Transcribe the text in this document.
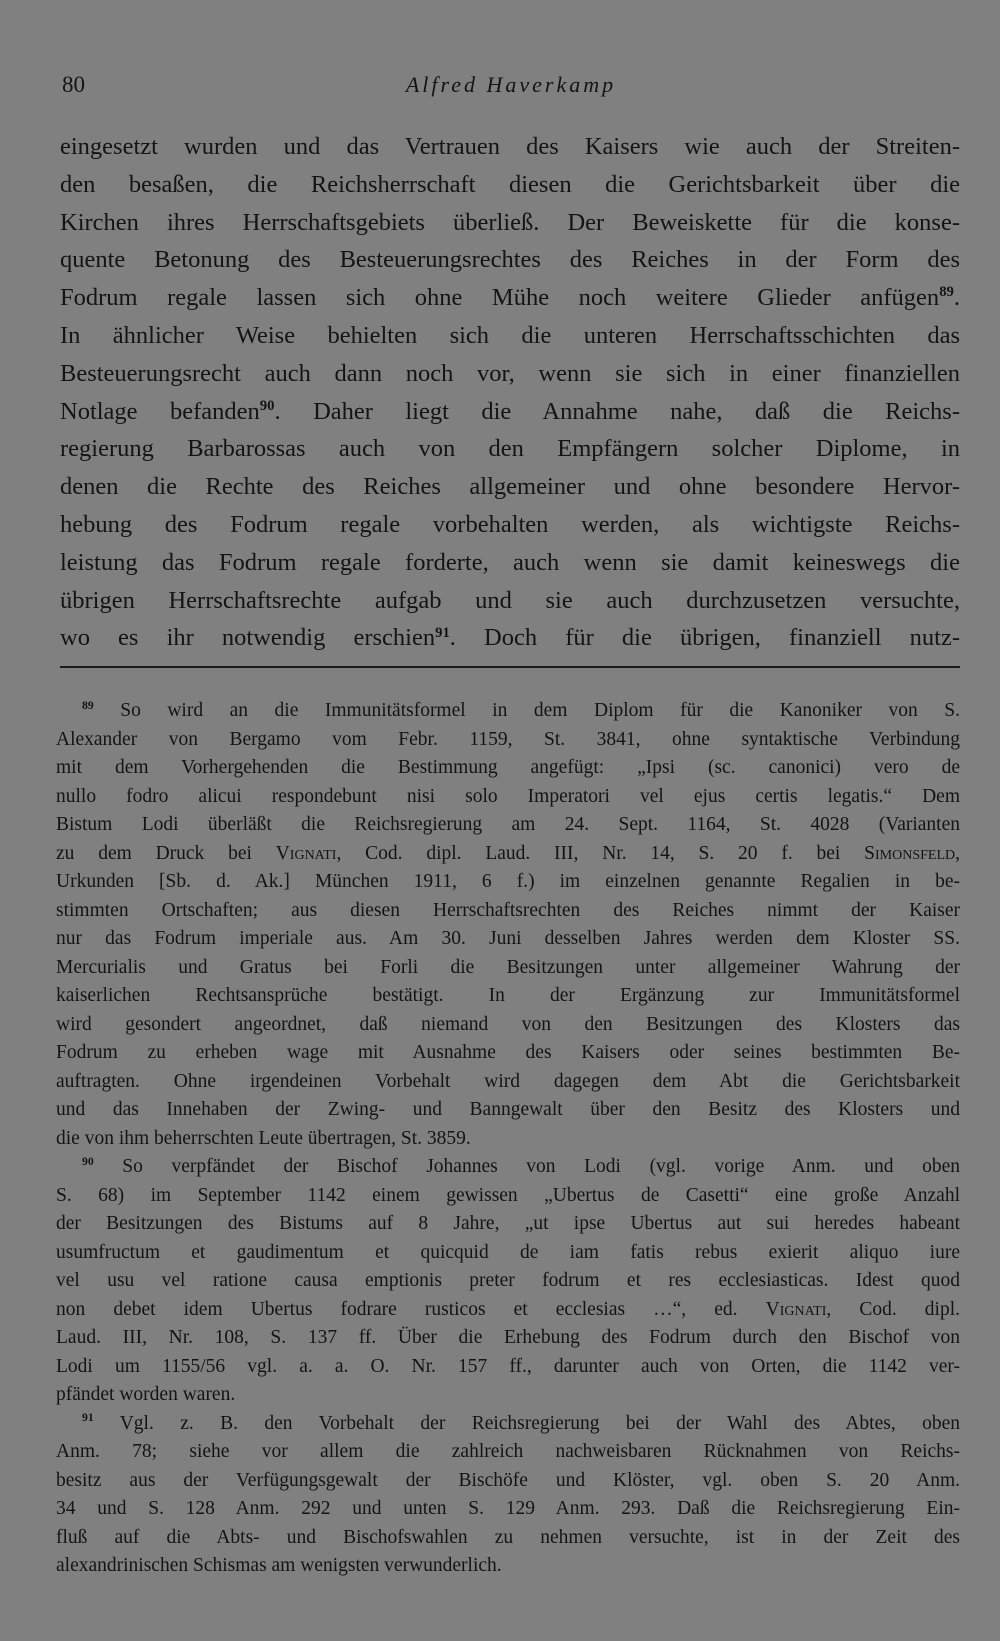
80	Alfred Haverkamp
eingesetzt wurden und das Vertrauen des Kaisers wie auch der Streiten-
den besaßen, die Reichsherrschaft diesen die Gerichtsbarkeit über die
Kirchen ihres Herrschaftsgebiets überließ. Der Beweiskette für die konse-
quente Betonung des Besteuerungsrechtes des Reiches in der Form des
Fodrum regale lassen sich ohne Mühe noch weitere Glieder anfügen$^{89}$.
In ähnlicher Weise behielten sich die unteren Herrschaftsschichten das
Besteuerungsrecht auch dann noch vor, wenn sie sich in einer finanziellen
Notlage befanden$^{90}$. Daher liegt die Annahme nahe, daß die Reichs-
regierung Barbarossas auch von den Empfängern solcher Diplome, in
denen die Rechte des Reiches allgemeiner und ohne besondere Hervor-
hebung des Fodrum regale vorbehalten werden, als wichtigste Reichs-
leistung das Fodrum regale forderte, auch wenn sie damit keineswegs die
übrigen Herrschaftsrechte aufgab und sie auch durchzusetzen versuchte,
wo es ihr notwendig erschien$^{91}$. Doch für die übrigen, finanziell nutz-
$^{89}$ So wird an die Immunitätsformel in dem Diplom für die Kanoniker von S.
Alexander von Bergamo vom Febr. 1159, St. 3841, ohne syntaktische Verbindung
mit dem Vorhergehenden die Bestimmung angefügt: „Ipsi (sc. canonici) vero de
nullo fodro alicui respondebunt nisi solo Imperatori vel ejus certis legatis.“ Dem
Bistum Lodi überläßt die Reichsregierung am 24. Sept. 1164, St. 4028 (Varianten
zu dem Druck bei Vignati, Cod. dipl. Laud. III, Nr. 14, S. 20 f. bei Simonsfeld,
Urkunden [Sb. d. Ak.] München 1911, 6 f.) im einzelnen genannte Regalien in be-
stimmten Ortschaften; aus diesen Herrschaftsrechten des Reiches nimmt der Kaiser
nur das Fodrum imperiale aus. Am 30. Juni desselben Jahres werden dem Kloster SS.
Mercurialis und Gratus bei Forli die Besitzungen unter allgemeiner Wahrung der
kaiserlichen Rechtsansprüche bestätigt. In der Ergänzung zur Immunitätsformel
wird gesondert angeordnet, daß niemand von den Besitzungen des Klosters das
Fodrum zu erheben wage mit Ausnahme des Kaisers oder seines bestimmten Be-
auftragten. Ohne irgendeinen Vorbehalt wird dagegen dem Abt die Gerichtsbarkeit
und das Innehaben der Zwing- und Banngewalt über den Besitz des Klosters und
die von ihm beherrschten Leute übertragen, St. 3859.
$^{90}$ So verpfändet der Bischof Johannes von Lodi (vgl. vorige Anm. und oben
S. 68) im September 1142 einem gewissen „Ubertus de Casetti“ eine große Anzahl
der Besitzungen des Bistums auf 8 Jahre, „ut ipse Ubertus aut sui heredes habeant
usumfructum et gaudimentum et quicquid de iam fatis rebus exierit aliquo iure
vel usu vel ratione causa emptionis preter fodrum et res ecclesiasticas. Idest quod
non debet idem Ubertus fodrare rusticos et ecclesias …“, ed. Vignati, Cod. dipl.
Laud. III, Nr. 108, S. 137 ff. Über die Erhebung des Fodrum durch den Bischof von
Lodi um 1155/56 vgl. a. a. O. Nr. 157 ff., darunter auch von Orten, die 1142 ver-
pfändet worden waren.
$^{91}$ Vgl. z. B. den Vorbehalt der Reichsregierung bei der Wahl des Abtes, oben
Anm. 78; siehe vor allem die zahlreich nachweisbaren Rücknahmen von Reichs-
besitz aus der Verfügungsgewalt der Bischöfe und Klöster, vgl. oben S. 20 Anm.
34 und S. 128 Anm. 292 und unten S. 129 Anm. 293. Daß die Reichsregierung Ein-
fluß auf die Abts- und Bischofswahlen zu nehmen versuchte, ist in der Zeit des
alexandrinischen Schismas am wenigsten verwunderlich.
